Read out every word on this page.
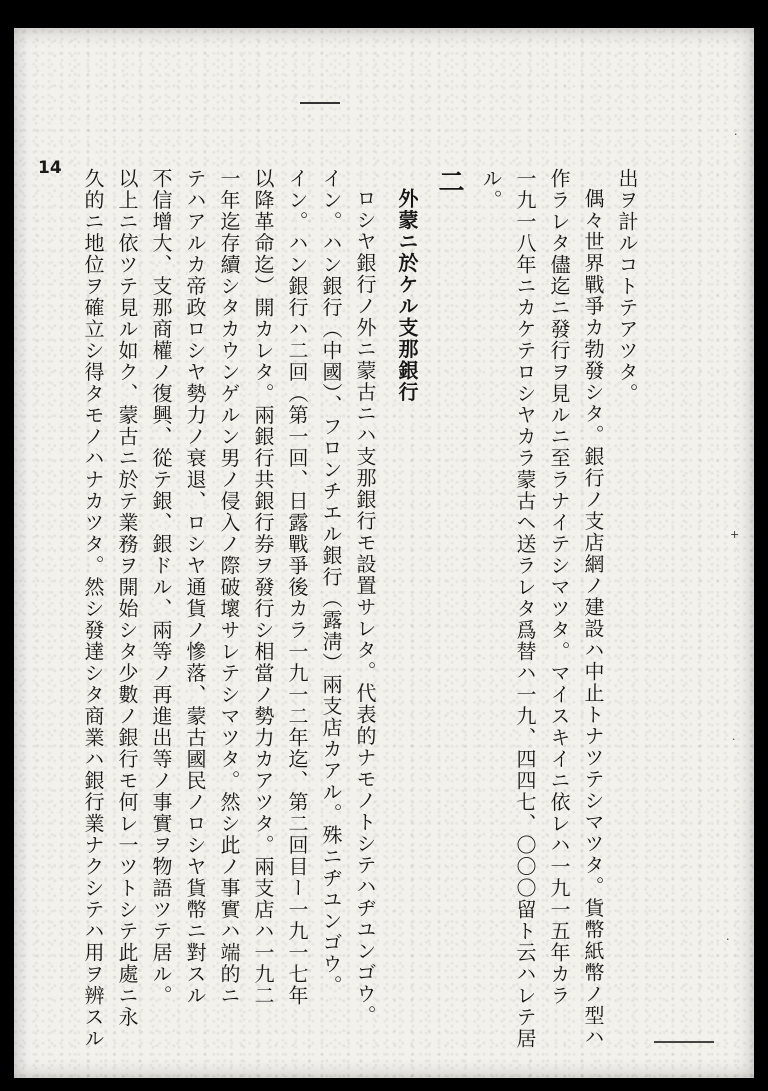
14	出ヲ計ルコトテアツタ。
偶々世界戰爭カ勃發シタ。銀行ノ支店網ノ建設ハ中止トナツテシマツタ。貨幣紙幣ノ型ハ
作ラレタ儘迄ニ發行ヲ見ルニ至ラナイテシマツタ。マイスキイニ依レハ一九一五年カラ
一九一八年ニカケテロシヤカラ蒙古ヘ送ラレタ爲替ハ一九、四四七、〇〇〇留ト云ハレテ居
ル。
二
外蒙ニ於ケル支那銀行
ロシヤ銀行ノ外ニ蒙古ニハ支那銀行モ設置サレタ。代表的ナモノトシテハヂユンゴウ。
イン。ハン銀行（中國）、フロンチエル銀行（露淸）兩支店カアル。殊ニヂユンゴウ。
イン。ハン銀行ハ二回（第一回、日露戰爭後カラ一九一二年迄、第二回目ー一九一七年
以降革命迄）開カレタ。兩銀行共銀行券ヲ發行シ相當ノ勢力カアツタ。兩支店ハ一九二
一年迄存續シタカウンゲルン男ノ侵入ノ際破壞サレテシマツタ。然シ此ノ事實ハ端的ニ
テハアルカ帝政ロシヤ勢力ノ衰退、ロシヤ通貨ノ慘落、蒙古國民ノロシヤ貨幣ニ對スル
不信增大、支那商權ノ復興、從テ銀、銀ドル、兩等ノ再進出等ノ事實ヲ物語ツテ居ル。
以上ニ依ツテ見ル如ク、蒙古ニ於テ業務ヲ開始シタ少數ノ銀行モ何レ一ツトシテ此處ニ永
久的ニ地位ヲ確立シ得タモノハナカツタ。然シ發達シタ商業ハ銀行業ナクシテハ用ヲ辨スル
·
+
·
·
